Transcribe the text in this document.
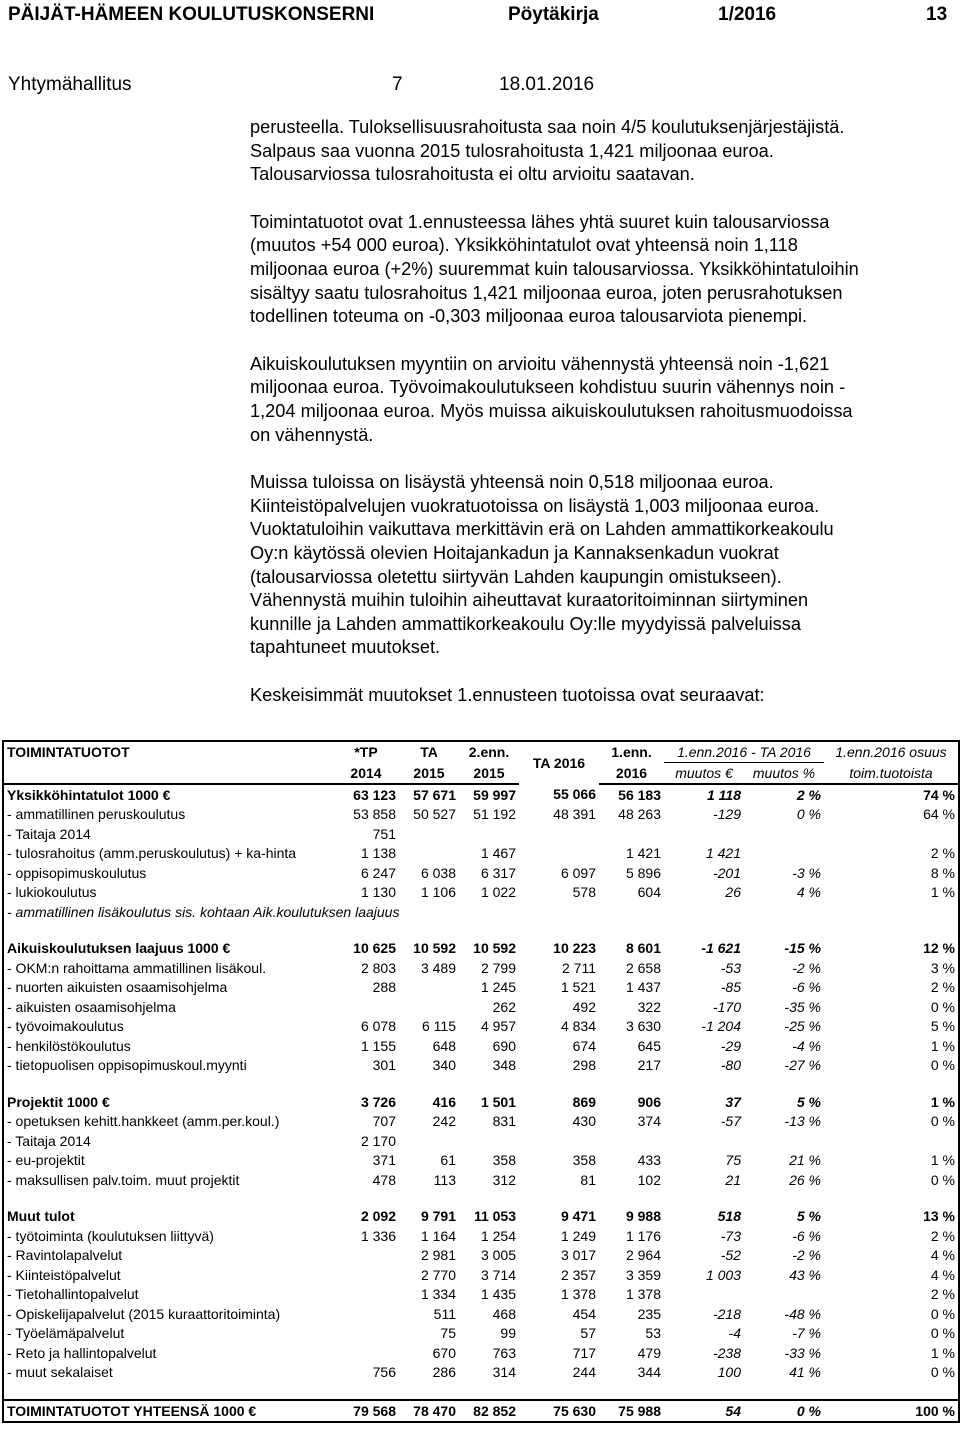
PÄIJÄT-HÄMEEN KOULUTUSKONSERNI	Pöytäkirja	1/2016	13
Yhtymähallitus	7	18.01.2016

perusteella. Tuloksellisuusrahoitusta saa noin 4/5 koulutuksenjärjestäjistä.
Salpaus saa vuonna 2015 tulosrahoitusta 1,421 miljoonaa euroa.
Talousarviossa tulosrahoitusta ei oltu arvioitu saatavan.

Toimintatuotot ovat 1.ennusteessa lähes yhtä suuret kuin talousarviossa
(muutos +54 000 euroa). Yksikköhintatulot ovat yhteensä noin 1,118
miljoonaa euroa (+2%) suuremmat kuin talousarviossa. Yksikköhintatuloihin
sisältyy saatu tulosrahoitus 1,421 miljoonaa euroa, joten perusrahotuksen
todellinen toteuma on -0,303 miljoonaa euroa talousarviota pienempi.

Aikuiskoulutuksen myyntiin on arvioitu vähennystä yhteensä noin -1,621
miljoonaa euroa. Työvoimakoulutukseen kohdistuu suurin vähennys noin -
1,204 miljoonaa euroa. Myös muissa aikuiskoulutuksen rahoitusmuodoissa
on vähennystä.

Muissa tuloissa on lisäystä yhteensä noin 0,518 miljoonaa euroa.
Kiinteistöpalvelujen vuokratuotoissa on lisäystä 1,003 miljoonaa euroa.
Vuoktatuloihin vaikuttava merkittävin erä on Lahden ammattikorkeakoulu
Oy:n käytössä olevien Hoitajankadun ja Kannaksenkadun vuokrat
(talousarviossa oletettu siirtyvän Lahden kaupungin omistukseen).
Vähennystä muihin tuloihin aiheuttavat kuraatoritoiminnan siirtyminen
kunnille ja Lahden ammattikorkeakoulu Oy:lle myydyissä palveluissa
tapahtuneet muutokset.

Keskeisimmät muutokset 1.ennusteen tuotoissa ovat seuraavat:

TOIMINTATUOTOT	*TP	TA	2.enn.	TA 2016	1.enn.	1.enn.2016 - TA 2016		1.enn.2016 osuus
	2014	2015	2015		2016	muutos €	muutos %	toim.tuotoista
Yksikköhintatulot 1000 €	63 123	57 671	59 997	55 066	56 183	1 118	2 %	74 %
- ammatillinen peruskoulutus	53 858	50 527	51 192	48 391	48 263	-129	0 %	64 %
- Taitaja 2014	751							
- tulosrahoitus (amm.peruskoulutus) + ka-hinta	1 138		1 467		1 421	1 421		2 %
- oppisopimuskoulutus	6 247	6 038	6 317	6 097	5 896	-201	-3 %	8 %
- lukiokoulutus	1 130	1 106	1 022	578	604	26	4 %	1 %
- ammatillinen lisäkoulutus sis. kohtaan Aik.koulutuksen laajuus								

Aikuiskoulutuksen laajuus 1000 €	10 625	10 592	10 592	10 223	8 601	-1 621	-15 %	12 %
- OKM:n rahoittama ammatillinen lisäkoul.	2 803	3 489	2 799	2 711	2 658	-53	-2 %	3 %
- nuorten aikuisten osaamisohjelma	288		1 245	1 521	1 437	-85	-6 %	2 %
- aikuisten osaamisohjelma			262	492	322	-170	-35 %	0 %
- työvoimakoulutus	6 078	6 115	4 957	4 834	3 630	-1 204	-25 %	5 %
- henkilöstökoulutus	1 155	648	690	674	645	-29	-4 %	1 %
- tietopuolisen oppisopimuskoul.myynti	301	340	348	298	217	-80	-27 %	0 %

Projektit 1000 €	3 726	416	1 501	869	906	37	5 %	1 %
- opetuksen kehitt.hankkeet (amm.per.koul.)	707	242	831	430	374	-57	-13 %	0 %
- Taitaja 2014	2 170							
- eu-projektit	371	61	358	358	433	75	21 %	1 %
- maksullisen palv.toim. muut projektit	478	113	312	81	102	21	26 %	0 %

Muut tulot	2 092	9 791	11 053	9 471	9 988	518	5 %	13 %
- työtoiminta (koulutuksen liittyvä)	1 336	1 164	1 254	1 249	1 176	-73	-6 %	2 %
- Ravintolapalvelut		2 981	3 005	3 017	2 964	-52	-2 %	4 %
- Kiinteistöpalvelut		2 770	3 714	2 357	3 359	1 003	43 %	4 %
- Tietohallintopalvelut		1 334	1 435	1 378	1 378			2 %
- Opiskelijapalvelut (2015 kuraattoritoiminta)		511	468	454	235	-218	-48 %	0 %
- Työelämäpalvelut		75	99	57	53	-4	-7 %	0 %
- Reto ja hallintopalvelut		670	763	717	479	-238	-33 %	1 %
- muut sekalaiset	756	286	314	244	344	100	41 %	0 %

TOIMINTATUOTOT YHTEENSÄ 1000 €	79 568	78 470	82 852	75 630	75 988	54	0 %	100 %
